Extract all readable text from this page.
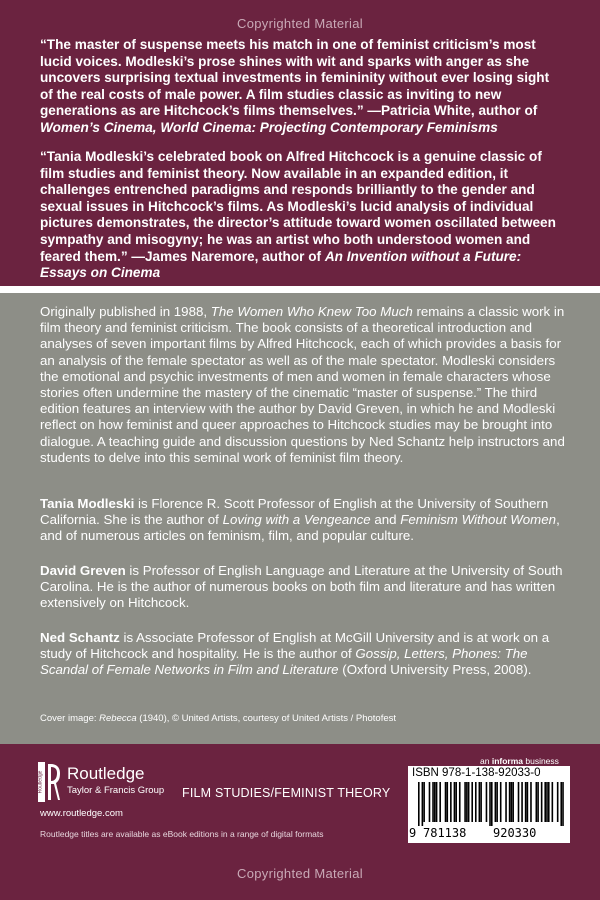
Copyrighted Material
“The master of suspense meets his match in one of feminist criticism’s most lucid voices. Modleski’s prose shines with wit and sparks with anger as she uncovers surprising textual investments in femininity without ever losing sight of the real costs of male power. A film studies classic as inviting to new generations as are Hitchcock’s films themselves.” —Patricia White, author of Women’s Cinema, World Cinema: Projecting Contemporary Feminisms
“Tania Modleski’s celebrated book on Alfred Hitchcock is a genuine classic of film studies and feminist theory. Now available in an expanded edition, it challenges entrenched paradigms and responds brilliantly to the gender and sexual issues in Hitchcock’s films. As Modleski’s lucid analysis of individual pictures demonstrates, the director’s attitude toward women oscillated between sympathy and misogyny; he was an artist who both understood women and feared them.” —James Naremore, author of An Invention without a Future: Essays on Cinema
Originally published in 1988, The Women Who Knew Too Much remains a classic work in film theory and feminist criticism. The book consists of a theoretical introduction and analyses of seven important films by Alfred Hitchcock, each of which provides a basis for an analysis of the female spectator as well as of the male spectator. Modleski considers the emotional and psychic investments of men and women in female characters whose stories often undermine the mastery of the cinematic “master of suspense.” The third edition features an interview with the author by David Greven, in which he and Modleski reflect on how feminist and queer approaches to Hitchcock studies may be brought into dialogue. A teaching guide and discussion questions by Ned Schantz help instructors and students to delve into this seminal work of feminist film theory.
Tania Modleski is Florence R. Scott Professor of English at the University of Southern California. She is the author of Loving with a Vengeance and Feminism Without Women, and of numerous articles on feminism, film, and popular culture.
David Greven is Professor of English Language and Literature at the University of South Carolina. He is the author of numerous books on both film and literature and has written extensively on Hitchcock.
Ned Schantz is Associate Professor of English at McGill University and is at work on a study of Hitchcock and hospitality. He is the author of Gossip, Letters, Phones: The Scandal of Female Networks in Film and Literature (Oxford University Press, 2008).
Cover image: Rebecca (1940), © United Artists, courtesy of United Artists / Photofest
Routledge Routledge
Taylor & Francis Group
www.routledge.com
FILM STUDIES/FEMINIST THEORY
an informa business
ISBN 978-1-138-92033-0
9 781138 920330
Routledge titles are available as eBook editions in a range of digital formats
Copyrighted Material
